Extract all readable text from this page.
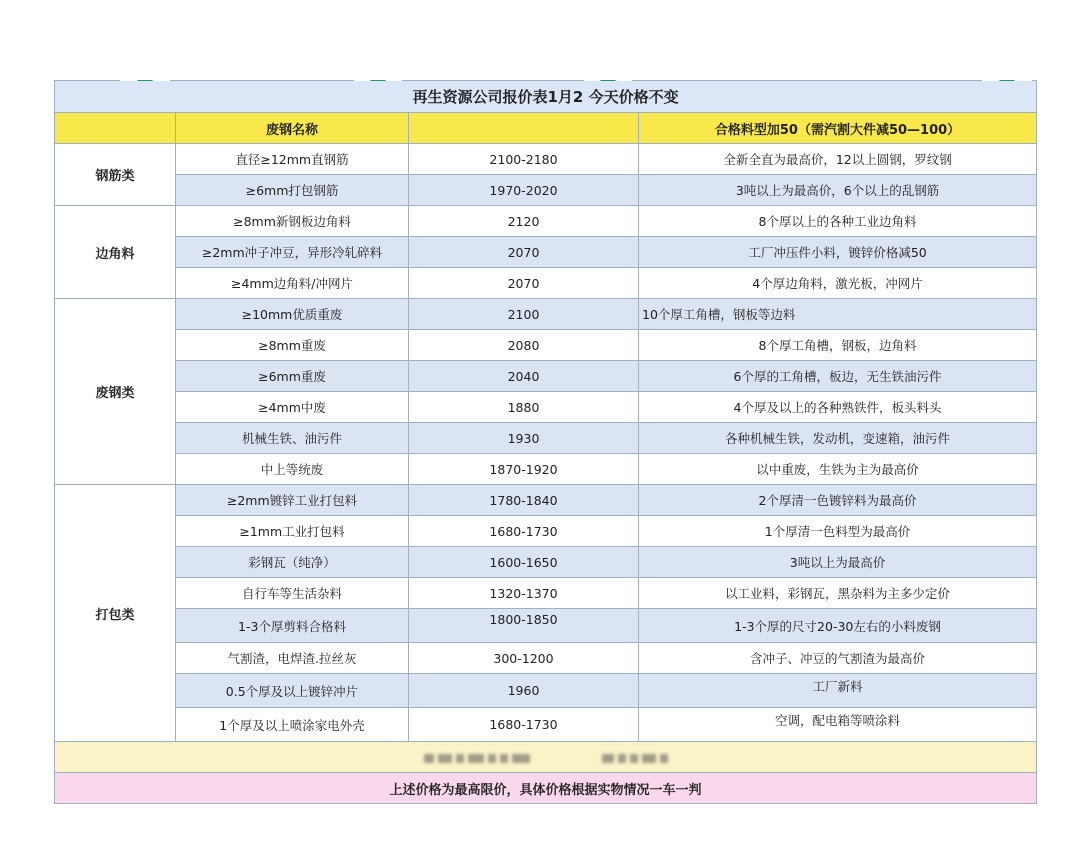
再生资源公司报价表1月2 今天价格不变			
	废钢名称		合格料型加50（需汽割大件减50—100）
钢筋类	直径≥12mm直钢筋	2100-2180	全新全直为最高价，12以上圆钢，罗纹钢
	≥6mm打包钢筋	1970-2020	3吨以上为最高价，6个以上的乱钢筋
边角料	≥8mm新钢板边角料	2120	8个厚以上的各种工业边角料
	≥2mm冲子冲豆，异形冷轧碎料	2070	工厂冲压件小料，镀锌价格减50
	≥4mm边角料/冲网片	2070	4个厚边角料，激光板，冲网片
废钢类	≥10mm优质重废	2100	10个厚工角槽，钢板等边料
	≥8mm重废	2080	8个厚工角槽，钢板，边角料
	≥6mm重废	2040	6个厚的工角槽，板边，无生铁油污件
	≥4mm中废	1880	4个厚及以上的各种熟铁件，板头料头
	机械生铁、油污件	1930	各种机械生铁，发动机，变速箱，油污件
	中上等统废	1870-1920	以中重废，生铁为主为最高价
打包类	≥2mm镀锌工业打包料	1780-1840	2个厚清一色镀锌料为最高价
	≥1mm工业打包料	1680-1730	1个厚清一色料型为最高价
	彩钢瓦（纯净）	1600-1650	3吨以上为最高价
	自行车等生活杂料	1320-1370	以工业料，彩钢瓦，黑杂料为主多少定价
	1-3个厚剪料合格料	1800-1850	1-3个厚的尺寸20-30左右的小料废钢
	气割渣，电焊渣.拉丝灰	300-1200	含冲子、冲豆的气割渣为最高价
	0.5个厚及以上镀锌冲片	1960	工厂新料
	1个厚及以上喷涂家电外壳	1680-1730	空调，配电箱等喷涂料

上述价格为最高限价，具体价格根据实物情况一车一判			
